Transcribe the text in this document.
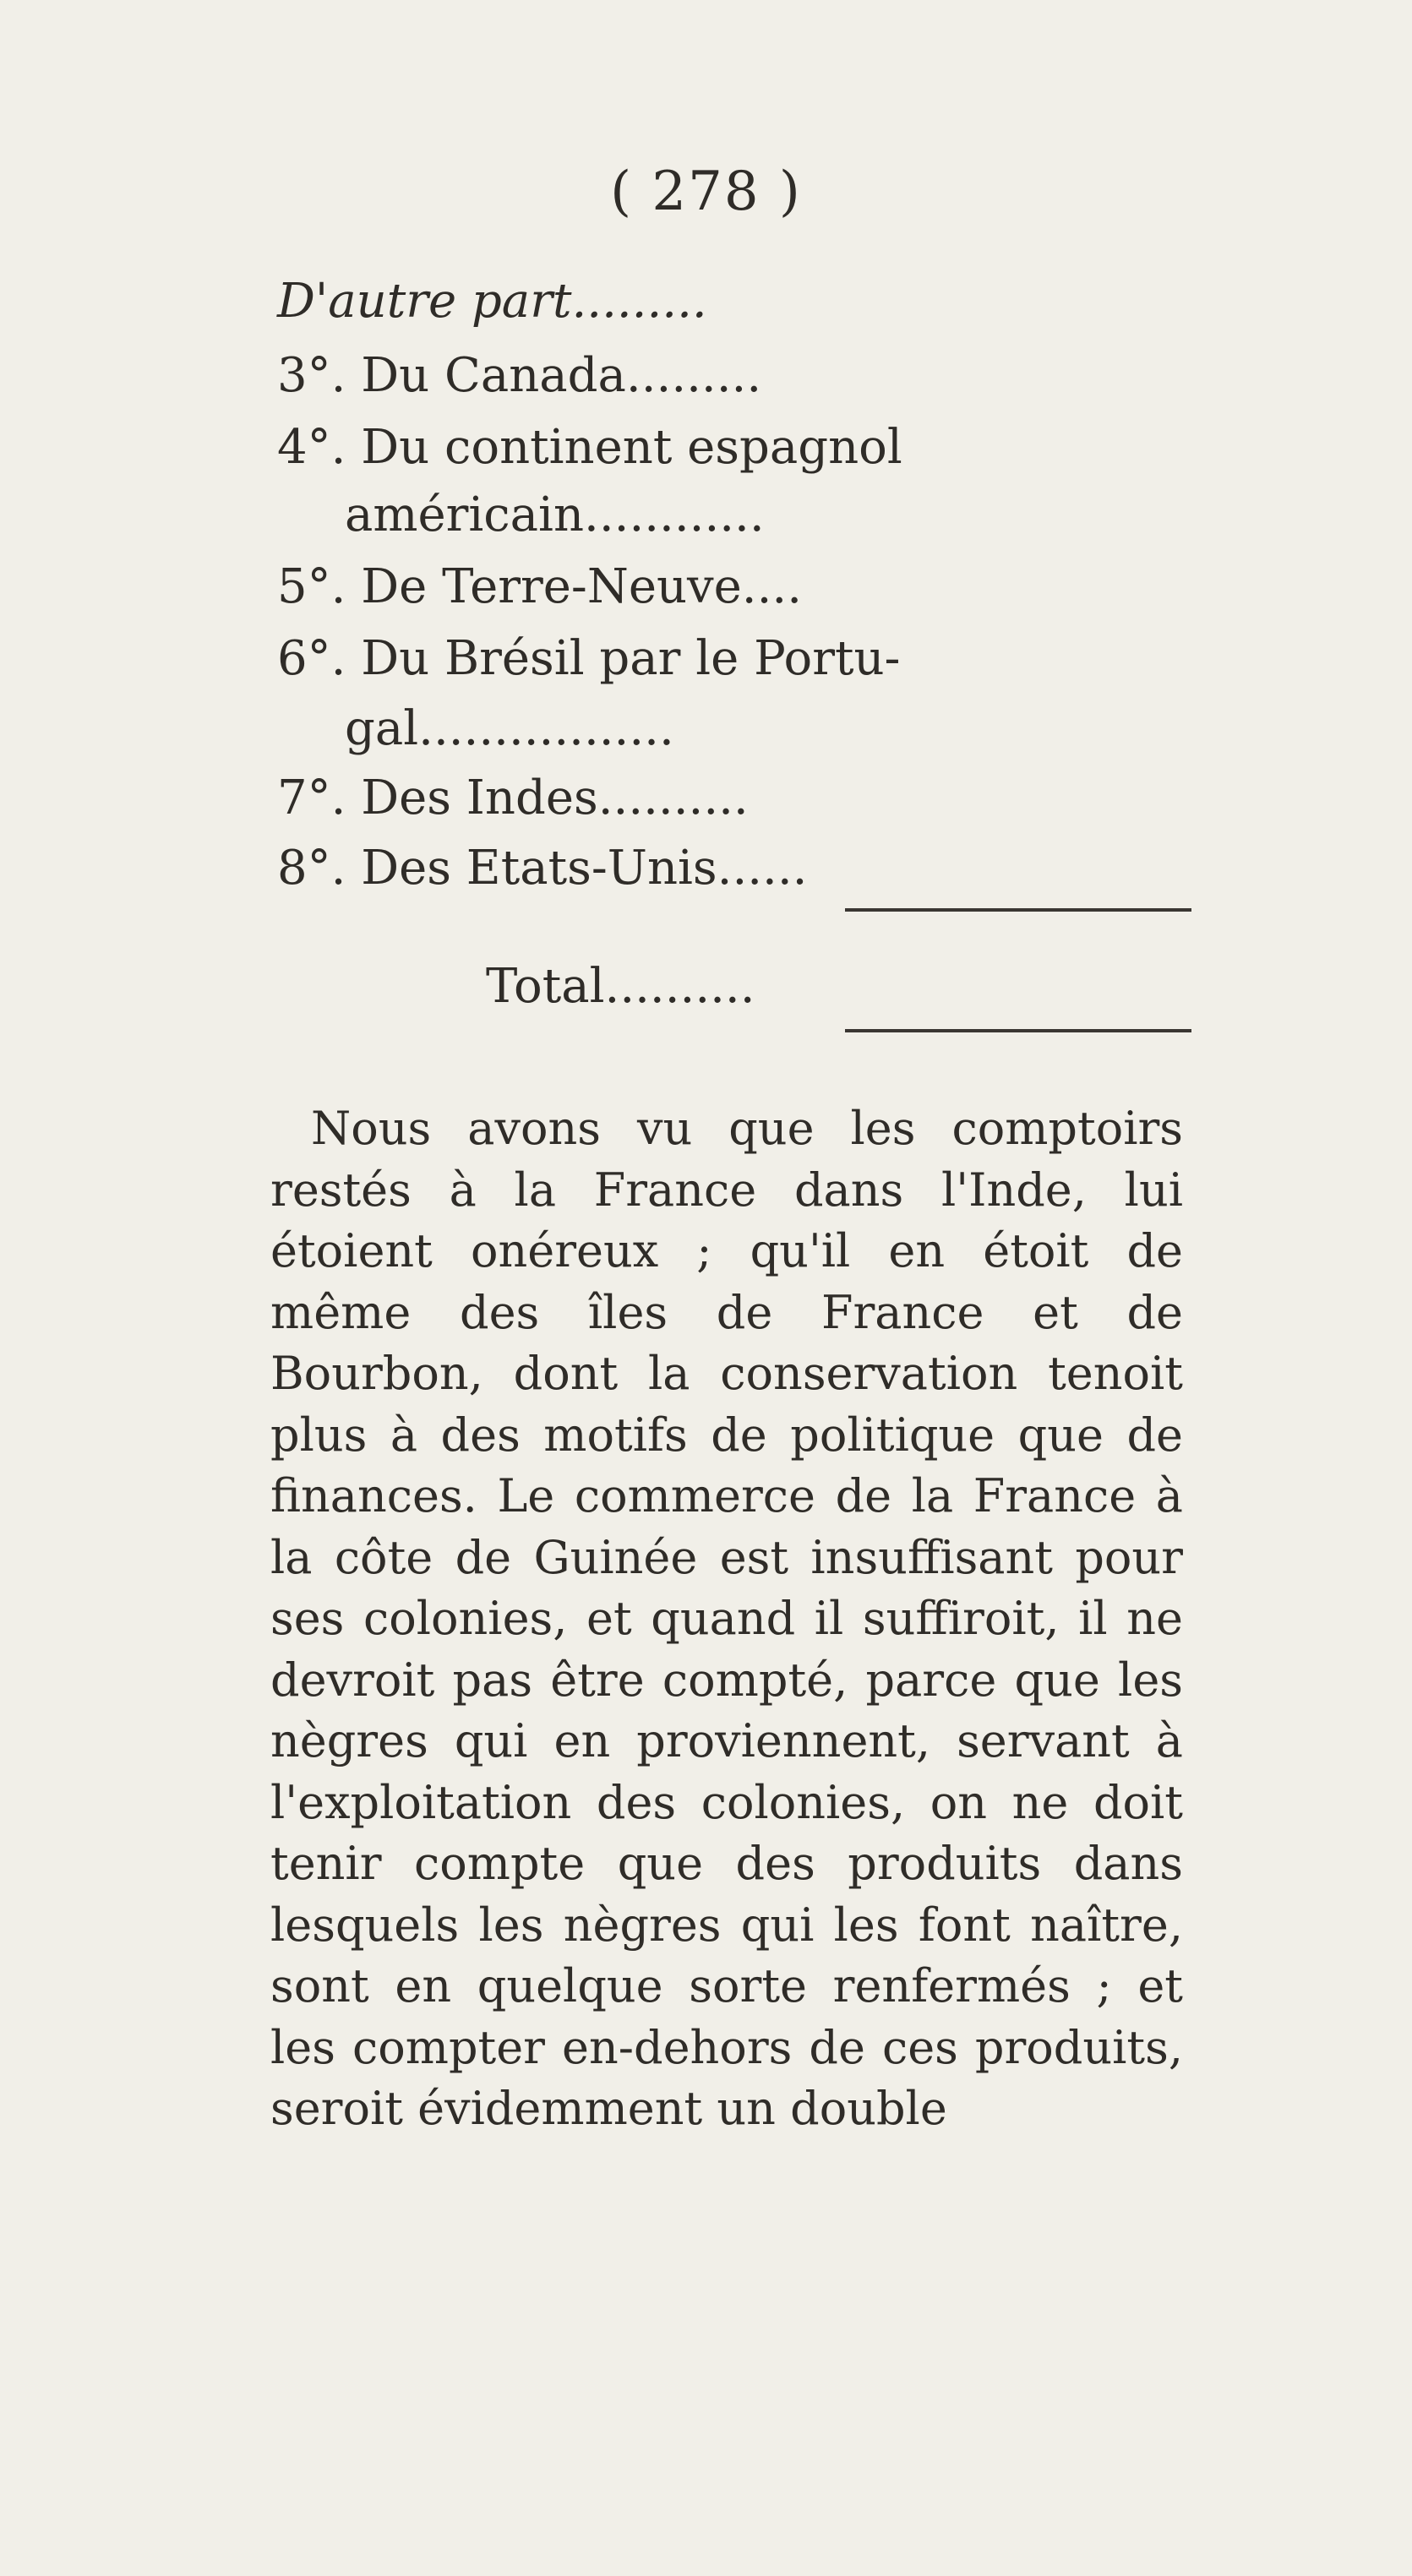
( 278 )
D'autre part.........
3°. Du Canada.........
4°. Du continent espagnol
américain............
5°. De Terre-Neuve....
6°. Du Brésil par le Portu-
gal.................
7°. Des Indes..........
8°. Des Etats-Unis......
Total..........

Nous avons vu que les comptoirs restés à la France dans l'Inde, lui étoient onéreux ; qu'il en étoit de même des îles de France et de Bourbon, dont la conservation tenoit plus à des motifs de politique que de finances. Le commerce de la France à la côte de Guinée est insuffisant pour ses colonies, et quand il suffiroit, il ne devroit pas être compté, parce que les nègres qui en proviennent, servant à l'exploitation des colonies, on ne doit tenir compte que des produits dans lesquels les nègres qui les font naître, sont en quelque sorte renfermés ; et les compter en-dehors de ces produits, seroit évidemment un double
